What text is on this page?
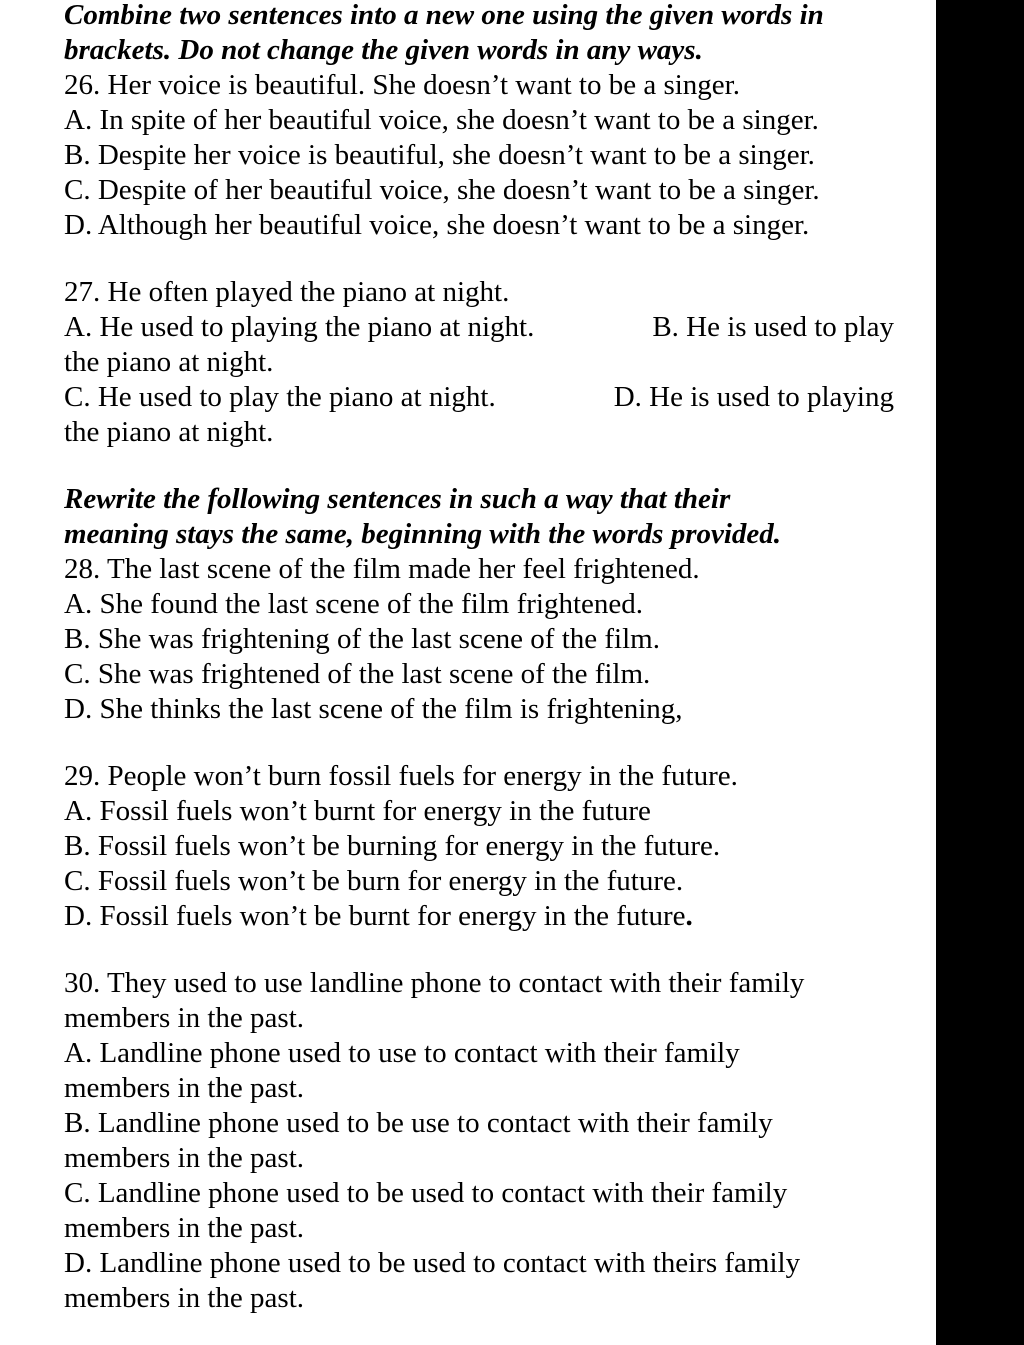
Combine two sentences into a new one using the given words in

brackets. Do not change the given words in any ways.

26. Her voice is beautiful. She doesn’t want to be a singer.

A. In spite of her beautiful voice, she doesn’t want to be a singer.

B. Despite her voice is beautiful, she doesn’t want to be a singer.

C. Despite of her beautiful voice, she doesn’t want to be a singer.

D. Although her beautiful voice, she doesn’t want to be a singer.

27. He often played the piano at night.

A. He used to playing the piano at night.	B. He is used to play

the piano at night.

C. He used to play the piano at night.	D. He is used to playing

the piano at night.

Rewrite the following sentences in such a way that their

meaning stays the same, beginning with the words provided.

28. The last scene of the film made her feel frightened.

A. She found the last scene of the film frightened.

B. She was frightening of the last scene of the film.

C. She was frightened of the last scene of the film.

D. She thinks the last scene of the film is frightening,

29. People won’t burn fossil fuels for energy in the future.

A. Fossil fuels won’t burnt for energy in the future

B. Fossil fuels won’t be burning for energy in the future.

C. Fossil fuels won’t be burn for energy in the future.

D. Fossil fuels won’t be burnt for energy in the future.

30. They used to use landline phone to contact with their family

members in the past.

A. Landline phone used to use to contact with their family

members in the past.

B. Landline phone used to be use to contact with their family

members in the past.

C. Landline phone used to be used to contact with their family

members in the past.

D. Landline phone used to be used to contact with theirs family

members in the past.
